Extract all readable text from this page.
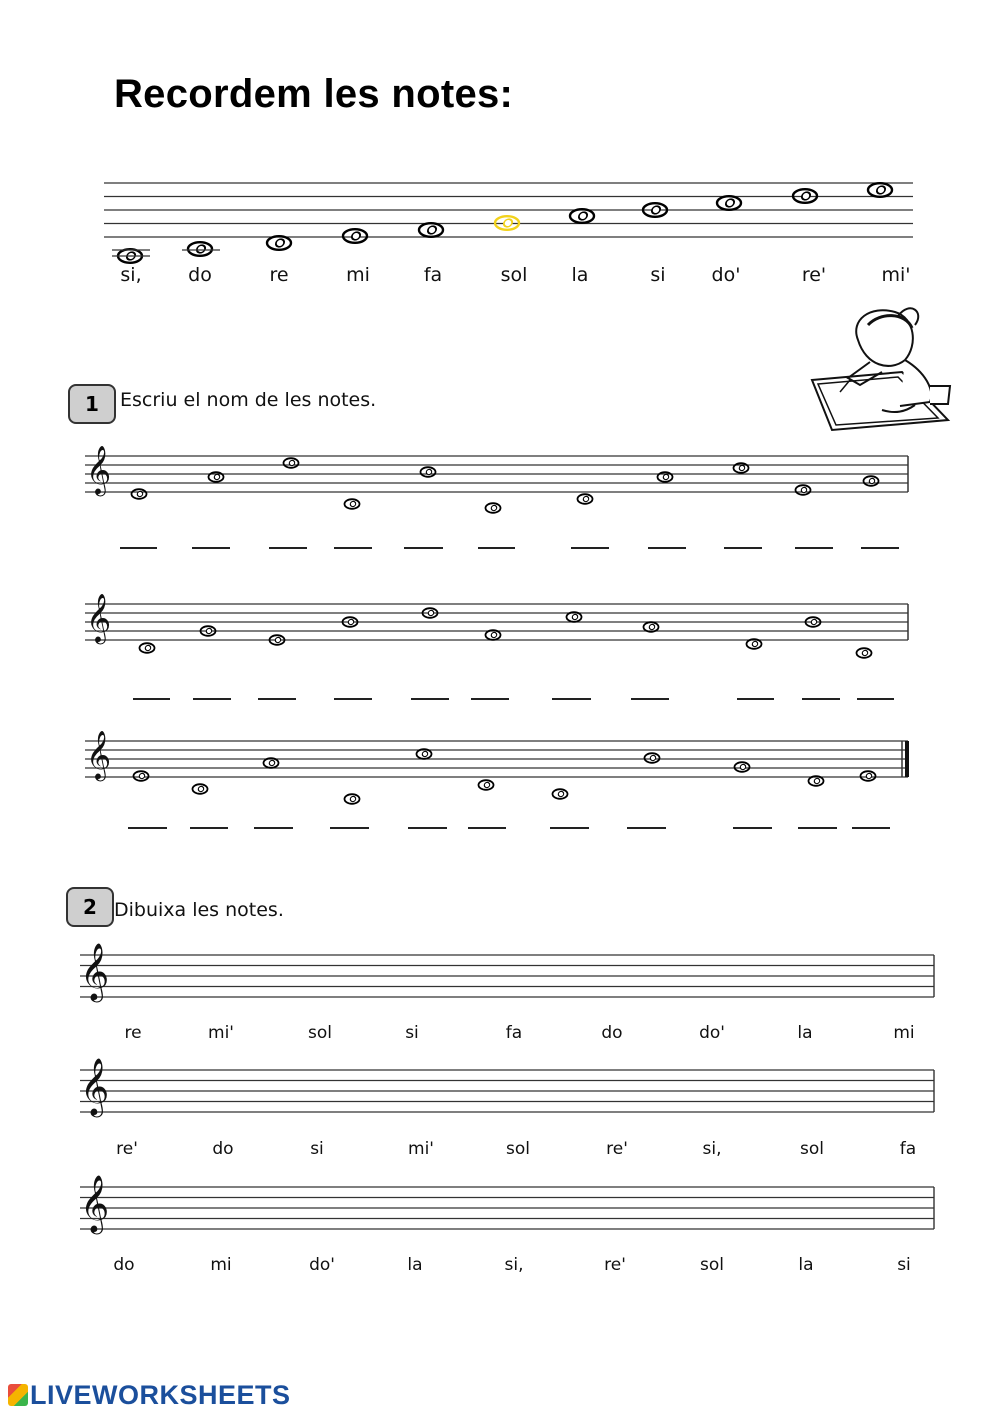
Recordem les notes:
𝄞
𝄞
𝄞
𝄞
𝄞
𝄞
si,	do	re	mi	fa	sol	la	si	do'	re'	mi'
1	Escriu el nom de les notes.
2 Dibuixa les notes.
re	mi'	sol	si	fa	do	do'	la	mi
re'	do	si	mi'	sol	re'	si,	sol	fa
do	mi	do'	la	si,	re'	sol	la	si
LIVEWORKSHEETS
